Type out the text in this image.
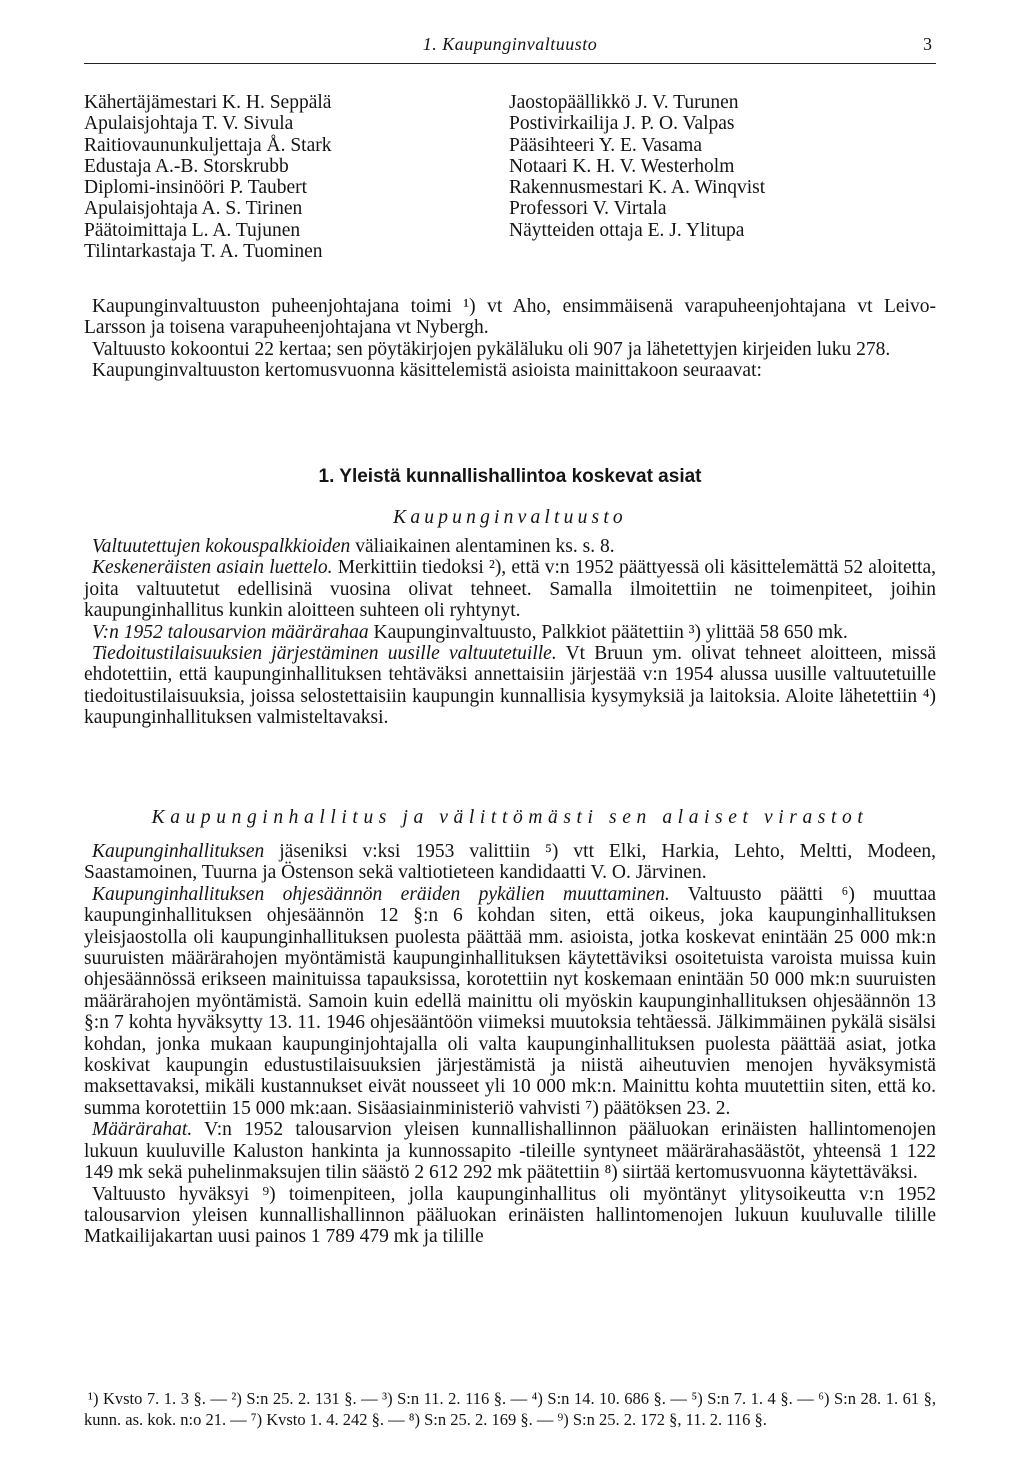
1. Kaupunginvaltuusto	3
Kähertäjämestari K. H. Seppälä
Apulaisjohtaja T. V. Sivula
Raitiovaununkuljettaja Å. Stark
Edustaja A.-B. Storskrubb
Diplomi-insinööri P. Taubert
Apulaisjohtaja A. S. Tirinen
Päätoimittaja L. A. Tujunen
Tilintarkastaja T. A. Tuominen
Jaostopäällikkö J. V. Turunen
Postivirkailija J. P. O. Valpas
Pääsihteeri Y. E. Vasama
Notaari K. H. V. Westerholm
Rakennusmestari K. A. Winqvist
Professori V. Virtala
Näytteiden ottaja E. J. Ylitupa

Kaupunginvaltuuston puheenjohtajana toimi ¹) vt Aho, ensimmäisenä varapuheenjohtajana vt Leivo-Larsson ja toisena varapuheenjohtajana vt Nybergh.

Valtuusto kokoontui 22 kertaa; sen pöytäkirjojen pykäläluku oli 907 ja lähetettyjen kirjeiden luku 278.

Kaupunginvaltuuston kertomusvuonna käsittelemistä asioista mainittakoon seuraavat:

1. Yleistä kunnallishallintoa koskevat asiat
Kaupunginvaltuusto

Valtuutettujen kokouspalkkioiden väliaikainen alentaminen ks. s. 8.

Keskeneräisten asiain luettelo. Merkittiin tiedoksi ²), että v:n 1952 päättyessä oli käsittelemättä 52 aloitetta, joita valtuutetut edellisinä vuosina olivat tehneet. Samalla ilmoitettiin ne toimenpiteet, joihin kaupunginhallitus kunkin aloitteen suhteen oli ryhtynyt.

V:n 1952 talousarvion määrärahaa Kaupunginvaltuusto, Palkkiot päätettiin ³) ylittää 58 650 mk.

Tiedoitustilaisuuksien järjestäminen uusille valtuutetuille. Vt Bruun ym. olivat tehneet aloitteen, missä ehdotettiin, että kaupunginhallituksen tehtäväksi annettaisiin järjestää v:n 1954 alussa uusille valtuutetuille tiedoitustilaisuuksia, joissa selostettaisiin kaupungin kunnallisia kysymyksiä ja laitoksia. Aloite lähetettiin ⁴) kaupunginhallituksen valmisteltavaksi.

Kaupunginhallitus ja välittömästi sen alaiset virastot

Kaupunginhallituksen jäseniksi v:ksi 1953 valittiin ⁵) vtt Elki, Harkia, Lehto, Meltti, Modeen, Saastamoinen, Tuurna ja Östenson sekä valtiotieteen kandidaatti V. O. Järvinen.

Kaupunginhallituksen ohjesäännön eräiden pykälien muuttaminen. Valtuusto päätti ⁶) muuttaa kaupunginhallituksen ohjesäännön 12 §:n 6 kohdan siten, että oikeus, joka kaupunginhallituksen yleisjaostolla oli kaupunginhallituksen puolesta päättää mm. asioista, jotka koskevat enintään 25 000 mk:n suuruisten määrärahojen myöntämistä kaupunginhallituksen käytettäviksi osoitetuista varoista muissa kuin ohjesäännössä erikseen mainituissa tapauksissa, korotettiin nyt koskemaan enintään 50 000 mk:n suuruisten määrärahojen myöntämistä. Samoin kuin edellä mainittu oli myöskin kaupunginhallituksen ohjesäännön 13 §:n 7 kohta hyväksytty 13. 11. 1946 ohjesääntöön viimeksi muutoksia tehtäessä. Jälkimmäinen pykälä sisälsi kohdan, jonka mukaan kaupunginjohtajalla oli valta kaupunginhallituksen puolesta päättää asiat, jotka koskivat kaupungin edustustilaisuuksien järjestämistä ja niistä aiheutuvien menojen hyväksymistä maksettavaksi, mikäli kustannukset eivät nousseet yli 10 000 mk:n. Mainittu kohta muutettiin siten, että ko. summa korotettiin 15 000 mk:aan. Sisäasiainministeriö vahvisti ⁷) päätöksen 23. 2.

Määrärahat. V:n 1952 talousarvion yleisen kunnallishallinnon pääluokan erinäisten hallintomenojen lukuun kuuluville Kaluston hankinta ja kunnossapito -tileille syntyneet määrärahasäästöt, yhteensä 1 122 149 mk sekä puhelinmaksujen tilin säästö 2 612 292 mk päätettiin ⁸) siirtää kertomusvuonna käytettäväksi.

Valtuusto hyväksyi ⁹) toimenpiteen, jolla kaupunginhallitus oli myöntänyt ylitysoikeutta v:n 1952 talousarvion yleisen kunnallishallinnon pääluokan erinäisten hallintomenojen lukuun kuuluvalle tilille Matkailijakartan uusi painos 1 789 479 mk ja tilille

¹) Kvsto 7. 1. 3 §. — ²) S:n 25. 2. 131 §. — ³) S:n 11. 2. 116 §. — ⁴) S:n 14. 10. 686 §. — ⁵) S:n 7. 1. 4 §. — ⁶) S:n 28. 1. 61 §, kunn. as. kok. n:o 21. — ⁷) Kvsto 1. 4. 242 §. — ⁸) S:n 25. 2. 169 §. — ⁹) S:n 25. 2. 172 §, 11. 2. 116 §.
